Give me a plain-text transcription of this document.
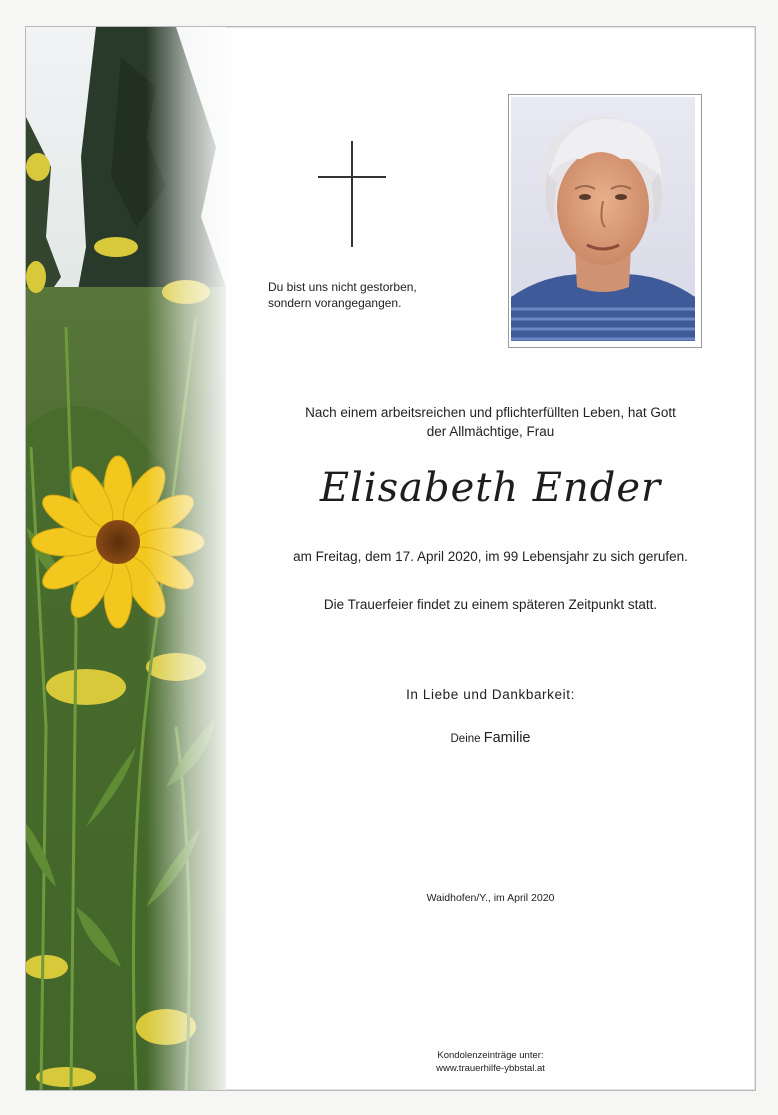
Du bist uns nicht gestorben,
sondern vorangegangen.
Nach einem arbeitsreichen und pflichterfüllten Leben, hat Gott
der Allmächtige, Frau
Elisabeth Ender
am Freitag, dem 17. April 2020, im 99 Lebensjahr zu sich gerufen.
Die Trauerfeier findet zu einem späteren Zeitpunkt statt.
In Liebe und Dankbarkeit:
Deine Familie
Waidhofen/Y., im April 2020
Kondolenzeinträge unter:
www.trauerhilfe-ybbstal.at
